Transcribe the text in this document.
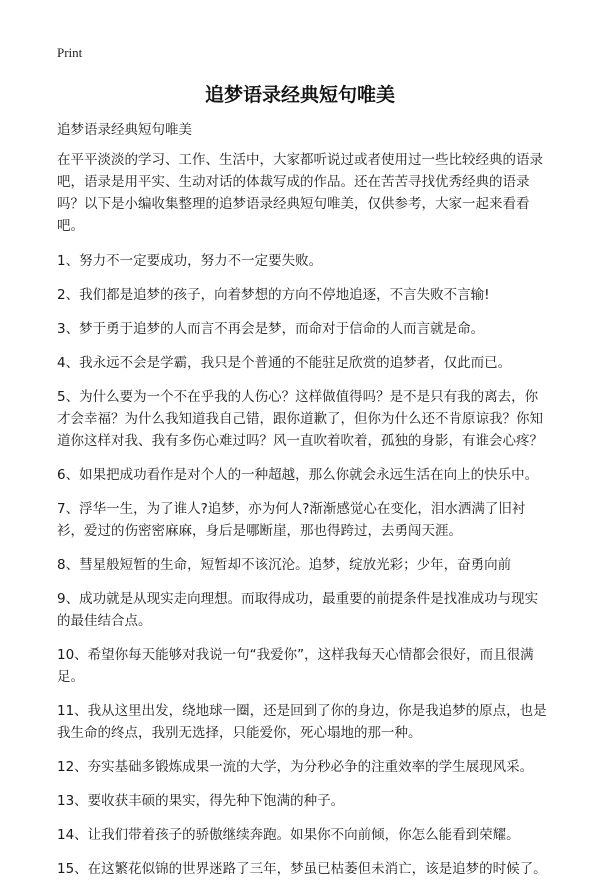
Print
追梦语录经典短句唯美

追梦语录经典短句唯美

在平平淡淡的学习、工作、生活中，大家都听说过或者使用过一些比较经典的语录吧，语录是用平实、生动对话的体裁写成的作品。还在苦苦寻找优秀经典的语录吗？以下是小编收集整理的追梦语录经典短句唯美，仅供参考，大家一起来看看吧。

1、努力不一定要成功，努力不一定要失败。

2、我们都是追梦的孩子，向着梦想的方向不停地追逐，不言失败不言输!

3、梦于勇于追梦的人而言不再会是梦，而命对于信命的人而言就是命。

4、我永远不会是学霸，我只是个普通的不能驻足欣赏的追梦者，仅此而已。

5、为什么要为一个不在乎我的人伤心？这样做值得吗？是不是只有我的离去，你才会幸福？为什么我知道我自己错，跟你道歉了，但你为什么还不肯原谅我？你知道你这样对我、我有多伤心难过吗？风一直吹着吹着，孤独的身影，有谁会心疼？

6、如果把成功看作是对个人的一种超越，那么你就会永远生活在向上的快乐中。

7、浮华一生，为了谁人?追梦，亦为何人?渐渐感觉心在变化，泪水洒满了旧衬衫，爱过的伤密密麻麻，身后是哪断崖，那也得跨过，去勇闯天涯。

8、彗星般短暂的生命，短暂却不该沉沦。追梦，绽放光彩；少年，奋勇向前

9、成功就是从现实走向理想。而取得成功，最重要的前提条件是找准成功与现实的最佳结合点。

10、希望你每天能够对我说一句“我爱你”，这样我每天心情都会很好，而且很满足。

11、我从这里出发，绕地球一圈，还是回到了你的身边，你是我追梦的原点，也是我生命的终点，我别无选择，只能爱你，死心塌地的那一种。

12、夯实基础多锻炼成果一流的大学，为分秒必争的注重效率的学生展现风采。

13、要收获丰硕的果实，得先种下饱满的种子。

14、让我们带着孩子的骄傲继续奔跑。如果你不向前倾，你怎么能看到荣耀。

15、在这繁花似锦的世界迷路了三年，梦虽已枯萎但未消亡，该是追梦的时候了。
